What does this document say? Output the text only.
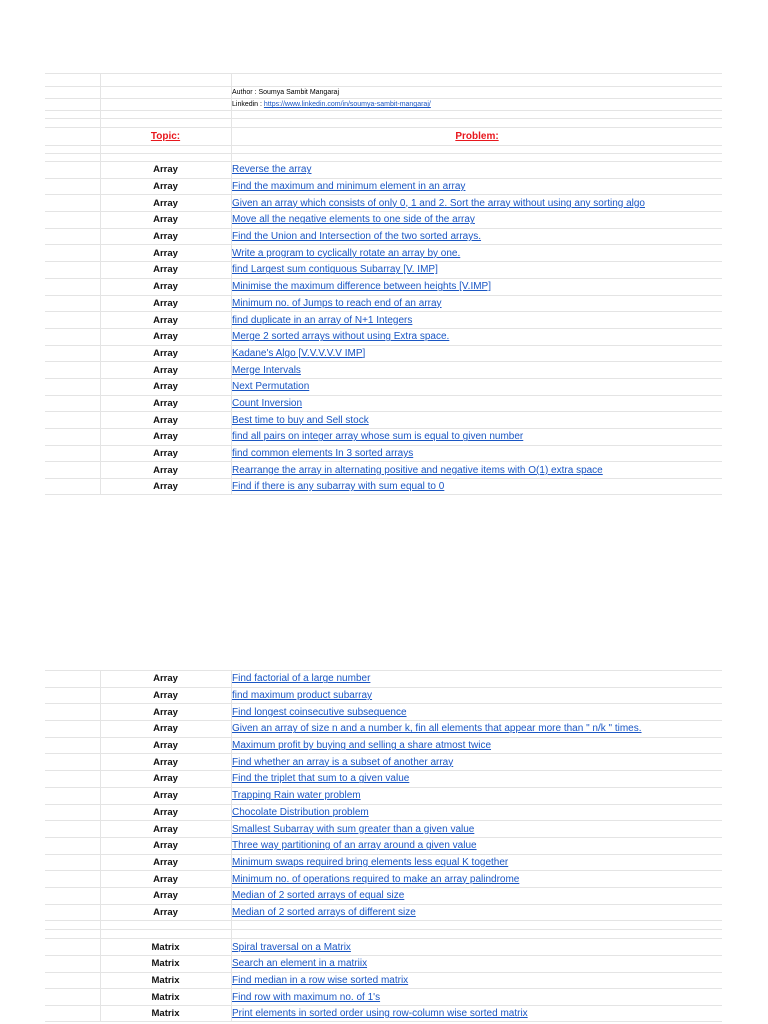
Author : Soumya Sambit Mangaraj
Linkedin : https://www.linkedin.com/in/soumya-sambit-mangaraj/
Topic:	Problem:
Array	Reverse the array
Array	Find the maximum and minimum element in an array
Array	Given an array which consists of only 0, 1 and 2. Sort the array without using any sorting algo
Array	Move all the negative elements to one side of the array
Array	Find the Union and Intersection of the two sorted arrays.
Array	Write a program to cyclically rotate an array by one.
Array	find Largest sum contiguous Subarray [V. IMP]
Array	Minimise the maximum difference between heights [V.IMP]
Array	Minimum no. of Jumps to reach end of an array
Array	find duplicate in an array of N+1 Integers
Array	Merge 2 sorted arrays without using Extra space.
Array	Kadane's Algo [V.V.V.V.V IMP]
Array	Merge Intervals
Array	Next Permutation
Array	Count Inversion
Array	Best time to buy and Sell stock
Array	find all pairs on integer array whose sum is equal to given number
Array	find common elements In 3 sorted arrays
Array	Rearrange the array in alternating positive and negative items with O(1) extra space
Array	Find if there is any subarray with sum equal to 0
Array	Find factorial of a large number
Array	find maximum product subarray
Array	Find longest coinsecutive subsequence
Array	Given an array of size n and a number k, fin all elements that appear more than " n/k " times.
Array	Maximum profit by buying and selling a share atmost twice
Array	Find whether an array is a subset of another array
Array	Find the triplet that sum to a given value
Array	Trapping Rain water problem
Array	Chocolate Distribution problem
Array	Smallest Subarray with sum greater than a given value
Array	Three way partitioning of an array around a given value
Array	Minimum swaps required bring elements less equal K together
Array	Minimum no. of operations required to make an array palindrome
Array	Median of 2 sorted arrays of equal size
Array	Median of 2 sorted arrays of different size
Matrix	Spiral traversal on a Matrix
Matrix	Search an element in a matriix
Matrix	Find median in a row wise sorted matrix
Matrix	Find row with maximum no. of 1's
Matrix	Print elements in sorted order using row-column wise sorted matrix
